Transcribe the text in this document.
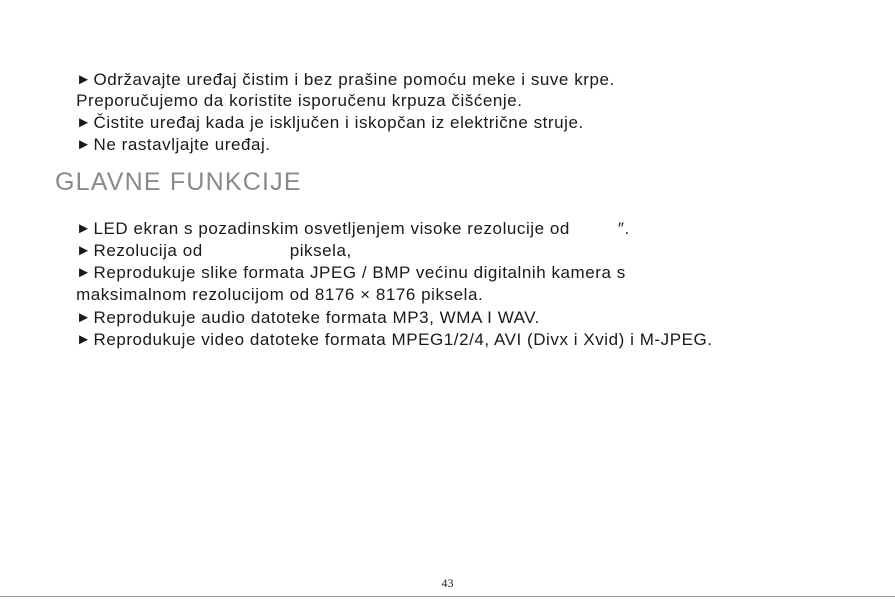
► Održavajte uređaj čistim i bez prašine pomoću meke i suve krpe.

Preporučujemo da koristite isporučenu krpuza čišćenje.

► Čistite uređaj kada je isključen i iskopčan iz električne struje.

► Ne rastavljajte uređaj.

GLAVNE FUNKCIJE

► LED ekran s pozadinskim osvetljenjem visoke rezolucije od	″.

► Rezolucija od	piksela,

► Reprodukuje slike formata JPEG / BMP većinu digitalnih kamera s

maksimalnom rezolucijom od 8176 × 8176 piksela.

► Reprodukuje audio datoteke formata MP3, WMA I WAV.

► Reprodukuje video datoteke formata MPEG1/2/4, AVI (Divx i Xvid) i M-JPEG.

43
